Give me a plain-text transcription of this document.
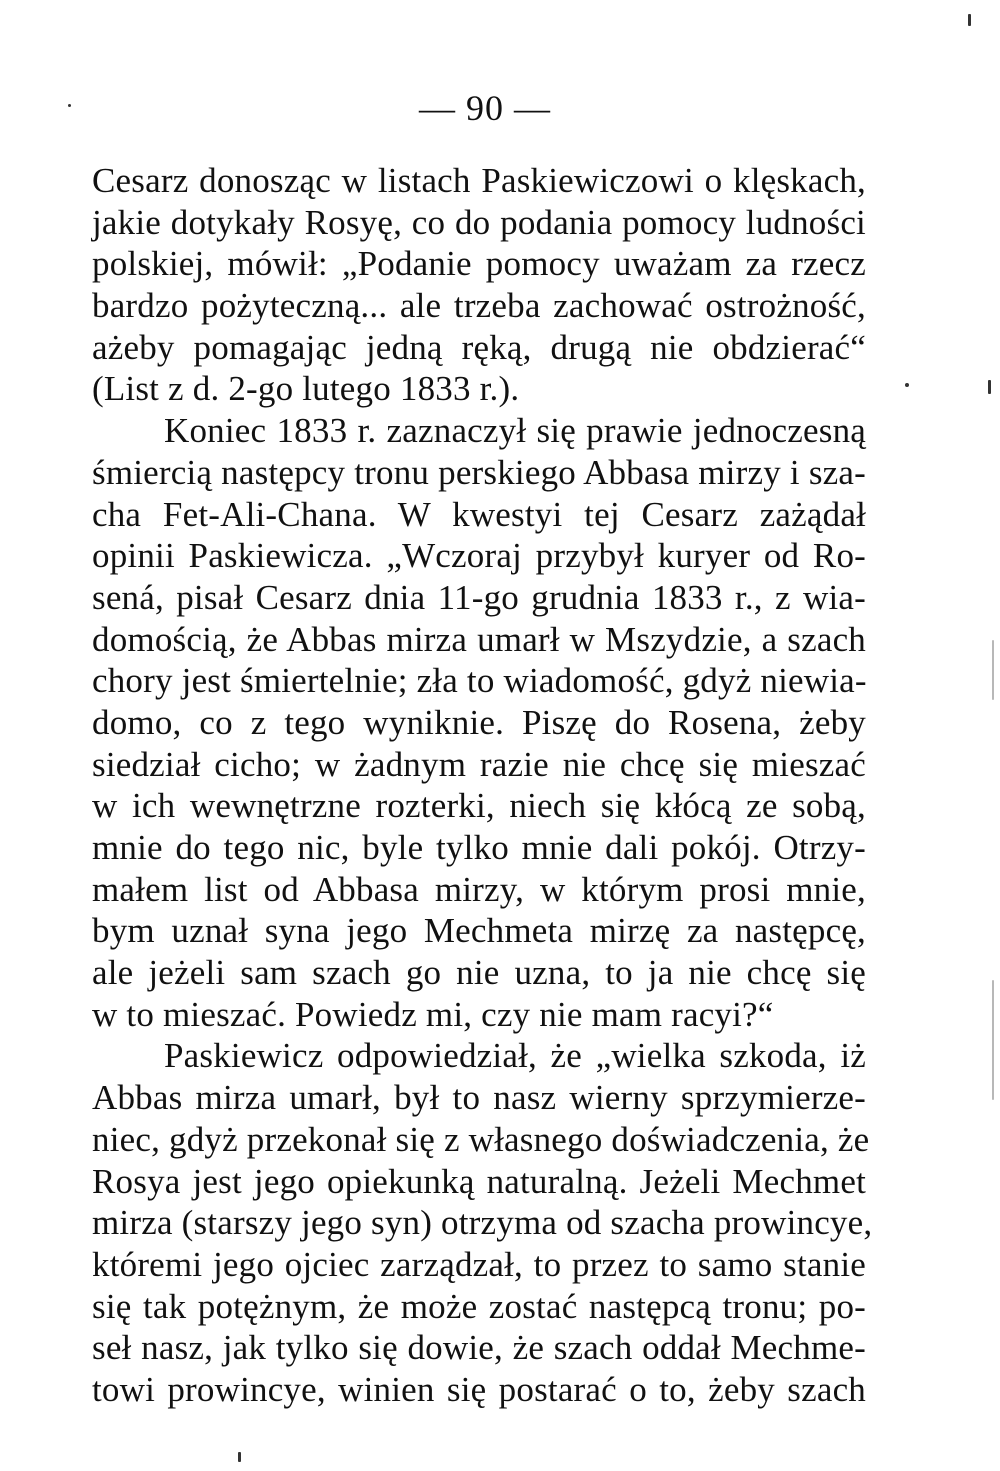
— 90 —
Cesarz donosząc w listach Paskiewiczowi o klęskach,
jakie dotykały Rosyę, co do podania pomocy ludności
polskiej, mówił: „Podanie pomocy uważam za rzecz
bardzo pożyteczną... ale trzeba zachować ostrożność,
ażeby pomagając jedną ręką, drugą nie obdzierać“
(List z d. 2-go lutego 1833 r.).
Koniec 1833 r. zaznaczył się prawie jednoczesną
śmiercią następcy tronu perskiego Abbasa mirzy i sza-
cha Fet-Ali-Chana. W kwestyi tej Cesarz zażądał
opinii Paskiewicza. „Wczoraj przybył kuryer od Ro-
sená, pisał Cesarz dnia 11-go grudnia 1833 r., z wia-
domością, że Abbas mirza umarł w Mszydzie, a szach
chory jest śmiertelnie; zła to wiadomość, gdyż niewia-
domo, co z tego wyniknie. Piszę do Rosena, żeby
siedział cicho; w żadnym razie nie chcę się mieszać
w ich wewnętrzne rozterki, niech się kłócą ze sobą,
mnie do tego nic, byle tylko mnie dali pokój. Otrzy-
małem list od Abbasa mirzy, w którym prosi mnie,
bym uznał syna jego Mechmeta mirzę za następcę,
ale jeżeli sam szach go nie uzna, to ja nie chcę się
w to mieszać. Powiedz mi, czy nie mam racyi?“
Paskiewicz odpowiedział, że „wielka szkoda, iż
Abbas mirza umarł, był to nasz wierny sprzymierze-
niec, gdyż przekonał się z własnego doświadczenia, że
Rosya jest jego opiekunką naturalną. Jeżeli Mechmet
mirza (starszy jego syn) otrzyma od szacha prowincye,
któremi jego ojciec zarządzał, to przez to samo stanie
się tak potężnym, że może zostać następcą tronu; po-
seł nasz, jak tylko się dowie, że szach oddał Mechme-
towi prowincye, winien się postarać o to, żeby szach
